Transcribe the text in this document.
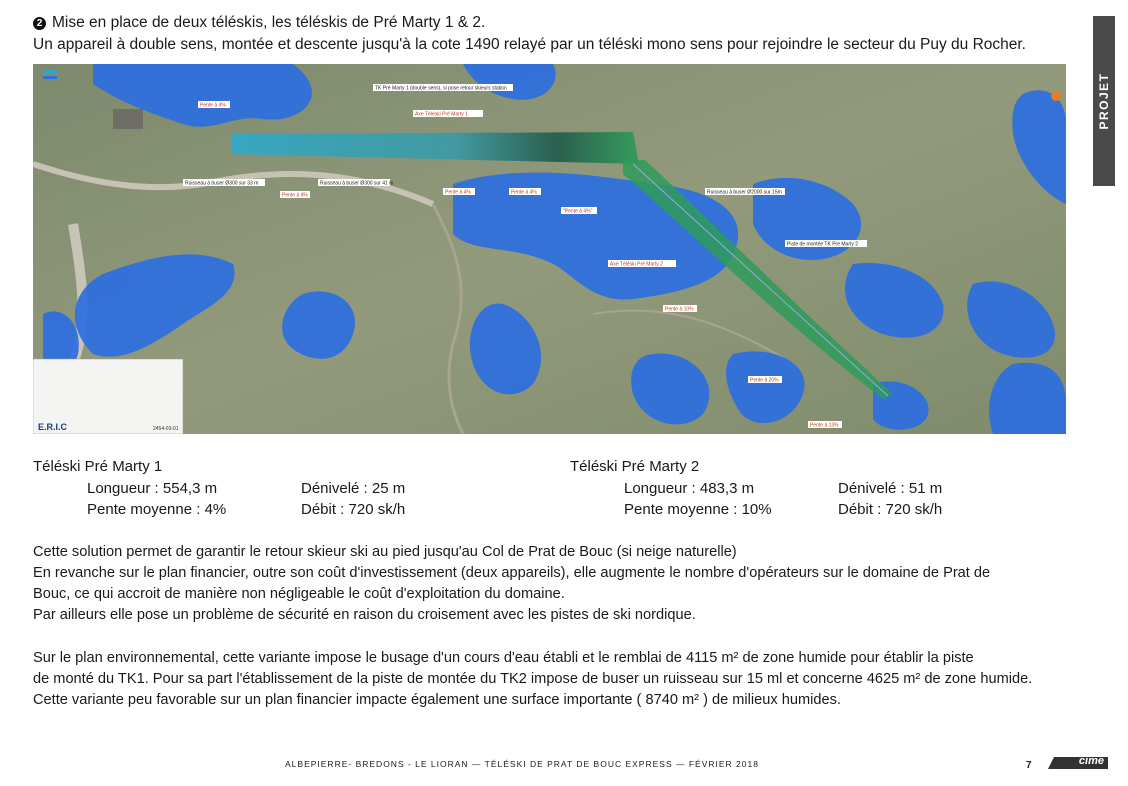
2 Mise en place de deux téléskis, les téléskis de Pré Marty 1 & 2.
Un appareil à double sens, montée et descente jusqu'à la cote 1490 relayé par un téléski mono sens pour rejoindre le secteur du Puy du Rocher.
PROJET
E.R.I.C	2454-03-01
TK Pré Marty 1 (double sens), si pose retour skieurs station
Axe Téléski Pré Marty 1
Pente à 4%
Ruisseau à buser Ø300 sur 33 m	Ruisseau à buser Ø300 sur 41 m
Pente à 4%	Pente à 4%	Pente à 4%
"Pente à 4%"
Ruisseau à buser Ø2000 sur 15m
Piste de montée TK Pré Marty 2
Axe Téléski Pré Marty 2
Pente à 10%
Pente à 20%
Pente à 13%
Téléski Pré Marty 1
Longueur : 554,3 m	Dénivelé : 25 m
Pente moyenne : 4%	Débit : 720 sk/h
Téléski Pré Marty 2
Longueur : 483,3 m	Dénivelé : 51 m
Pente moyenne : 10%	Débit : 720 sk/h
Cette solution permet de garantir le retour skieur ski au pied jusqu'au Col de Prat de Bouc (si neige naturelle)
En revanche sur le plan financier, outre son coût d'investissement (deux appareils), elle augmente le nombre d'opérateurs sur le domaine de Prat de
Bouc, ce qui accroit de manière non négligeable le coût d'exploitation du domaine.
Par ailleurs elle pose un problème de sécurité en raison du croisement avec les pistes de ski nordique.
Sur le plan environnemental, cette variante impose le busage d'un cours d'eau établi et le remblai de 4115 m² de zone humide pour établir la piste
de monté du TK1. Pour sa part l'établissement de la piste de montée du TK2 impose de buser un ruisseau sur 15 ml et concerne 4625 m² de zone humide.
Cette variante peu favorable sur un plan financier impacte également une surface importante ( 8740 m² ) de milieux humides.
ALBEPIERRE- BREDONS - LE LIORAN — TÉLÉSKI DE PRAT DE BOUC EXPRESS — FÉVRIER 2018	7	cime
